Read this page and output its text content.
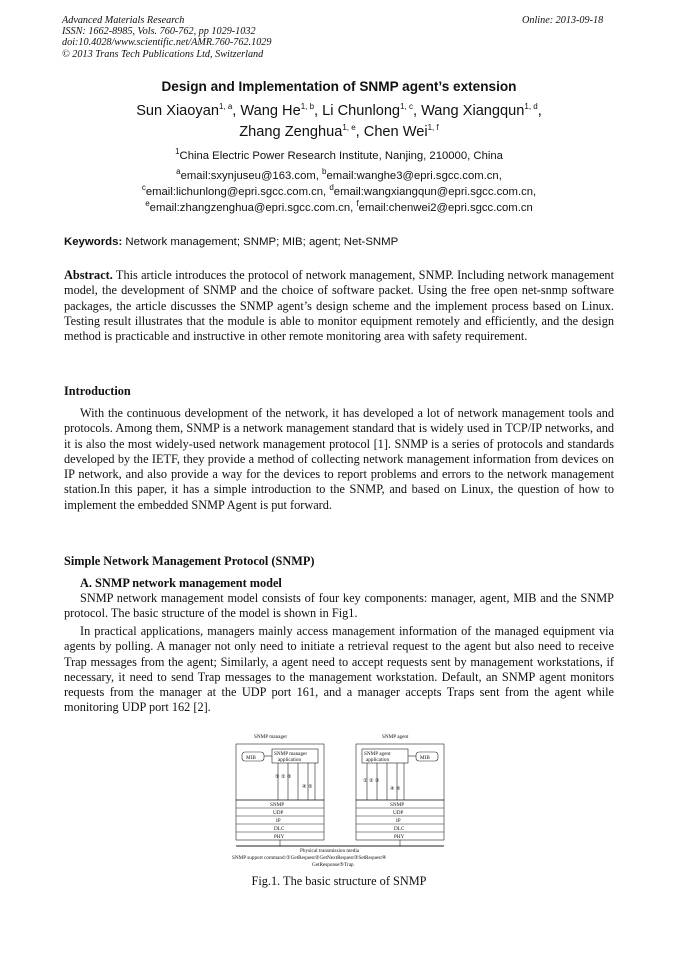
Advanced Materials Research
ISSN: 1662-8985, Vols. 760-762, pp 1029-1032
doi:10.4028/www.scientific.net/AMR.760-762.1029
© 2013 Trans Tech Publications Ltd, Switzerland
Online: 2013-09-18
Design and Implementation of SNMP agent’s extension
Sun Xiaoyan$^{1, a}$, Wang He$^{1, b}$, Li Chunlong$^{1, c}$, Wang Xiangqun$^{1, d}$,
Zhang Zenghua$^{1, e}$, Chen Wei$^{1, f}$
$^1$China Electric Power Research Institute, Nanjing, 210000, China
$^a$email:sxynjuseu@163.com, $^b$email:wanghe3@epri.sgcc.com.cn,
$^c$email:lichunlong@epri.sgcc.com.cn, $^d$email:wangxiangqun@epri.sgcc.com.cn,
$^e$email:zhangzenghua@epri.sgcc.com.cn, $^f$email:chenwei2@epri.sgcc.com.cn
Keywords: Network management; SNMP; MIB; agent; Net-SNMP
Abstract. This article introduces the protocol of network management, SNMP. Including network management model, the development of SNMP and the choice of software packet. Using the free open net-snmp software packages, the article discusses the SNMP agent’s design scheme and the implement process based on Linux. Testing result illustrates that the module is able to monitor equipment remotely and efficiently, and the design method is practicable and instructive in other remote monitoring area with safety requirement.
Introduction
With the continuous development of the network, it has developed a lot of network management tools and protocols. Among them, SNMP is a network management standard that is widely used in TCP/IP networks, and it is also the most widely-used network management protocol [1]. SNMP is a series of protocols and standards developed by the IETF, they provide a method of collecting network management information from devices on IP network, and also provide a way for the devices to report problems and errors to the network management station.In this paper, it has a simple introduction to the SNMP, and based on Linux, the question of how to implement the embedded SNMP Agent is put forward.
Simple Network Management Protocol (SNMP)
A. SNMP network management model
SNMP network management model consists of four key components: manager, agent, MIB and the SNMP protocol. The basic structure of the model is shown in Fig1.
In practical applications, managers mainly access management information of the managed equipment via agents by polling. A manager not only need to initiate a retrieval request to the agent but also need to receive Trap messages from the agent; Similarly, a agent need to accept requests sent by management workstations, if necessary, it need to send Trap messages to the management workstation. Default, an SNMP agent monitors requests from the manager at the UDP port 161, and a manager accepts Traps sent from the agent while monitoring UDP port 162 [2].
SNMP manager	SNMP agent
MIB	MIB
SNMP manager
application
SNMP agent
application
① ② ③
④ ⑤
① ② ③
④ ⑤
SNMP
UDP
IP
DLC
PHY
SNMP
UDP
IP
DLC
PHY
Physical transmission media
SNMP support command:①GetRequest②GetNextRequest③SetRequest④
GetResponse⑤Trap
Fig.1. The basic structure of SNMP
